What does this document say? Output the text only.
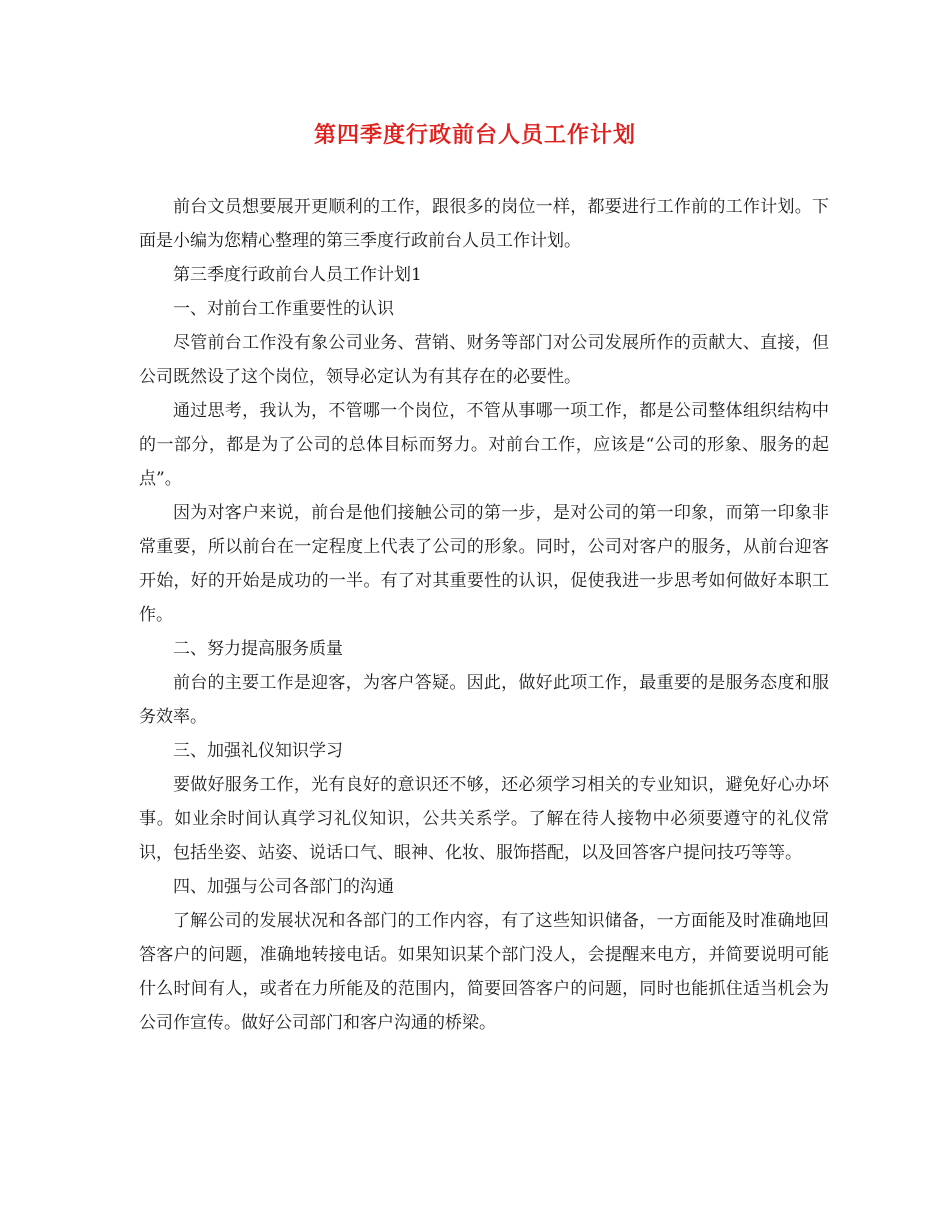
第四季度行政前台人员工作计划

前台文员想要展开更顺利的工作，跟很多的岗位一样，都要进行工作前的工作计划。下面是小编为您精心整理的第三季度行政前台人员工作计划。

第三季度行政前台人员工作计划1

一、对前台工作重要性的认识

尽管前台工作没有象公司业务、营销、财务等部门对公司发展所作的贡献大、直接，但公司既然设了这个岗位，领导必定认为有其存在的必要性。

通过思考，我认为，不管哪一个岗位，不管从事哪一项工作，都是公司整体组织结构中的一部分，都是为了公司的总体目标而努力。对前台工作，应该是“公司的形象、服务的起点”。

因为对客户来说，前台是他们接触公司的第一步，是对公司的第一印象，而第一印象非常重要，所以前台在一定程度上代表了公司的形象。同时，公司对客户的服务，从前台迎客开始，好的开始是成功的一半。有了对其重要性的认识，促使我进一步思考如何做好本职工作。

二、努力提高服务质量

前台的主要工作是迎客，为客户答疑。因此，做好此项工作，最重要的是服务态度和服务效率。

三、加强礼仪知识学习

要做好服务工作，光有良好的意识还不够，还必须学习相关的专业知识，避免好心办坏事。如业余时间认真学习礼仪知识，公共关系学。了解在待人接物中必须要遵守的礼仪常识，包括坐姿、站姿、说话口气、眼神、化妆、服饰搭配，以及回答客户提问技巧等等。

四、加强与公司各部门的沟通

了解公司的发展状况和各部门的工作内容，有了这些知识储备，一方面能及时准确地回答客户的问题，准确地转接电话。如果知识某个部门没人，会提醒来电方，并简要说明可能什么时间有人，或者在力所能及的范围内，简要回答客户的问题，同时也能抓住适当机会为公司作宣传。做好公司部门和客户沟通的桥梁。
